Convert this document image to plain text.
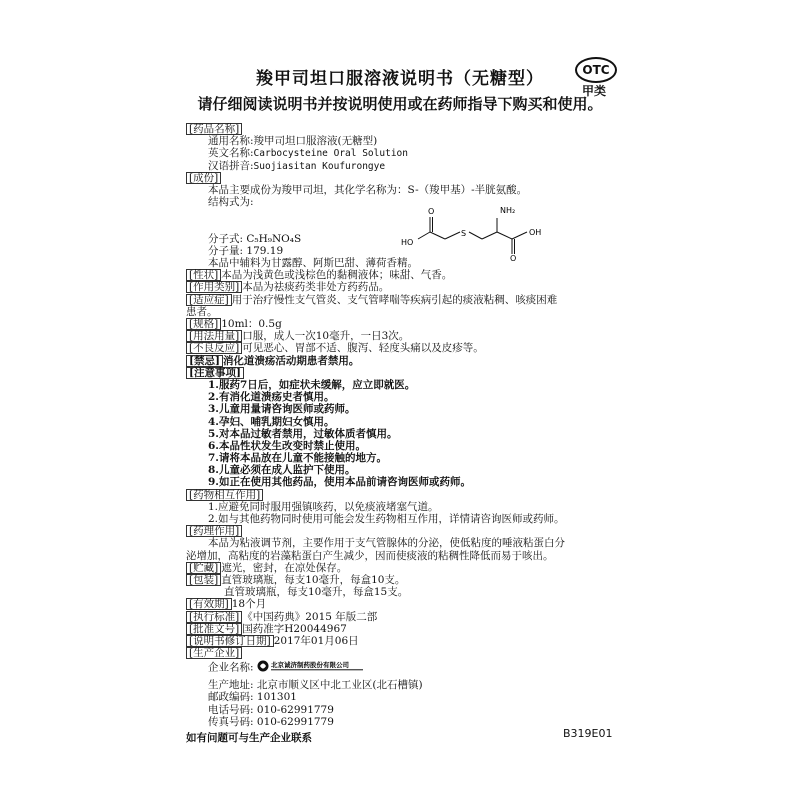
羧甲司坦口服溶液说明书（无糖型）
请仔细阅读说明书并按说明使用或在药师指导下购买和使用。
OTC
甲类
[药品名称]
通用名称:羧甲司坦口服溶液(无糖型)
英文名称:Carbocysteine Oral Solution
汉语拼音:Suojiasitan Koufurongye
[成份]
本品主要成份为羧甲司坦，其化学名称为：S-（羧甲基）-半胱氨酸。
结构式为:
分子式: C₅H₉NO₄S
分子量: 179.19
本品中辅料为甘露醇、阿斯巴甜、薄荷香精。
[性状] 本品为浅黄色或浅棕色的黏稠液体；味甜、气香。
[作用类别] 本品为祛痰药类非处方药药品。
[适应症] 用于治疗慢性支气管炎、支气管哮喘等疾病引起的痰液粘稠、咳痰困难
患者。
[规格] 10ml：0.5g
[用法用量] 口服，成人一次10毫升，一日3次。
[不良反应] 可见恶心、胃部不适、腹泻、轻度头痛以及皮疹等。
[禁忌] 消化道溃疡活动期患者禁用。
[注意事项]
1.服药7日后，如症状未缓解，应立即就医。
2.有消化道溃疡史者慎用。
3.儿童用量请咨询医师或药师。
4.孕妇、哺乳期妇女慎用。
5.对本品过敏者禁用，过敏体质者慎用。
6.本品性状发生改变时禁止使用。
7.请将本品放在儿童不能接触的地方。
8.儿童必须在成人监护下使用。
9.如正在使用其他药品，使用本品前请咨询医师或药师。
[药物相互作用]
1.应避免同时服用强镇咳药，以免痰液堵塞气道。
2.如与其他药物同时使用可能会发生药物相互作用，详情请咨询医师或药师。
[药理作用]
本品为粘液调节剂，主要作用于支气管腺体的分泌，使低粘度的唾液粘蛋白分
泌增加，高粘度的岩藻粘蛋白产生减少，因而使痰液的粘稠性降低而易于咳出。
[贮藏] 遮光，密封，在凉处保存。
[包装] 直管玻璃瓶，每支10毫升，每盒10支。
直管玻璃瓶，每支10毫升，每盒15支。
[有效期] 18个月
[执行标准] 《中国药典》2015 年版二部
[批准文号] 国药准字H20044967
[说明书修订日期] 2017年01月06日
[生产企业]
企业名称:	北京诚济制药股份有限公司
生产地址: 北京市顺义区中北工业区(北石槽镇)
邮政编码: 101301
电话号码: 010-62991779
传真号码: 010-62991779
HO
O
S
NH₂
OH
O
如有问题可与生产企业联系	B319E01
